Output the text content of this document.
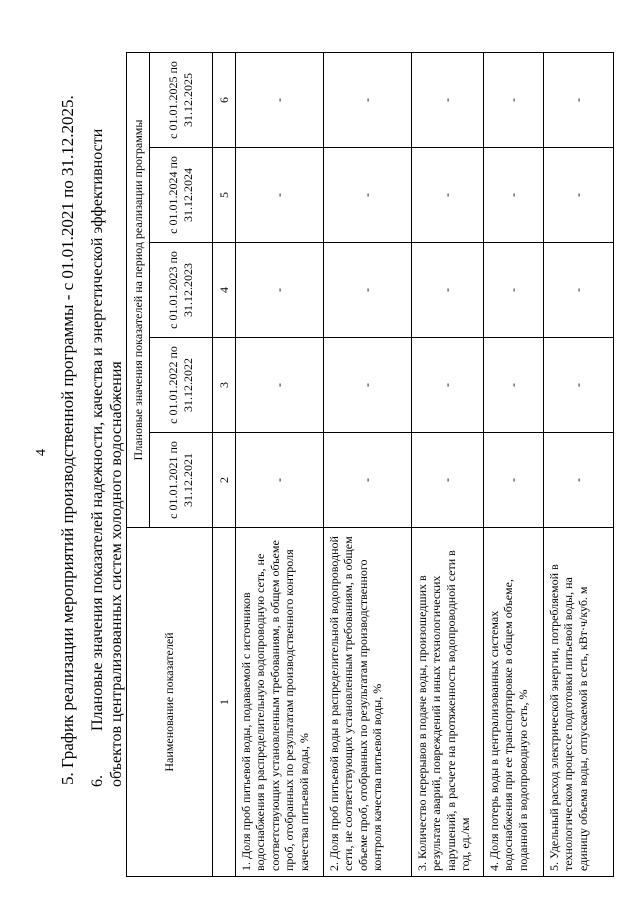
4 5. График реализации мероприятий производственной программы - с 01.01.2021 по 31.12.2025. 6.Плановые значения показателей надежности, качества и энергетической эффективности объектов централизованных систем холодного водоснабжения	Наименование показателей	Плановые значения показателей на период реализации программы				
	с 01.01.2021 по 31.12.2021	с 01.01.2022 по 31.12.2022	с 01.01.2023 по 31.12.2023	с 01.01.2024 по 31.12.2024	с 01.01.2025 по 31.12.2025
1	2	3	4	5	6
1. Доля проб питьевой воды, подаваемой с источников водоснабжения в распределительную водопроводную сеть, не соответствующих установленным требованиям, в общем объеме проб, отобранных по результатам производственного контроля качества питьевой воды, %	-	-	-	-	-
2. Доля проб питьевой воды в распределительной водопроводной сети, не соответствующих установленным требованиям, в общем объеме проб, отобранных по результатам производственного контроля качества питьевой воды, %	-	-	-	-	-
3. Количество перерывов в подаче воды, произошедших в результате аварий, повреждений и иных технологических нарушений, в расчете на протяженность водопроводной сети в год, ед./км	-	-	-	-	-
4. Доля потерь воды в централизованных системах водоснабжения при ее транспортировке в общем объеме, поданной в водопроводную сеть, %	-	-	-	-	-
5. Удельный расход электрической энергии, потребляемой в технологическом процессе подготовки питьевой воды, на единицу объема воды, отпускаемой в сеть, кВт·ч/куб. м	-	-	-	-	-
